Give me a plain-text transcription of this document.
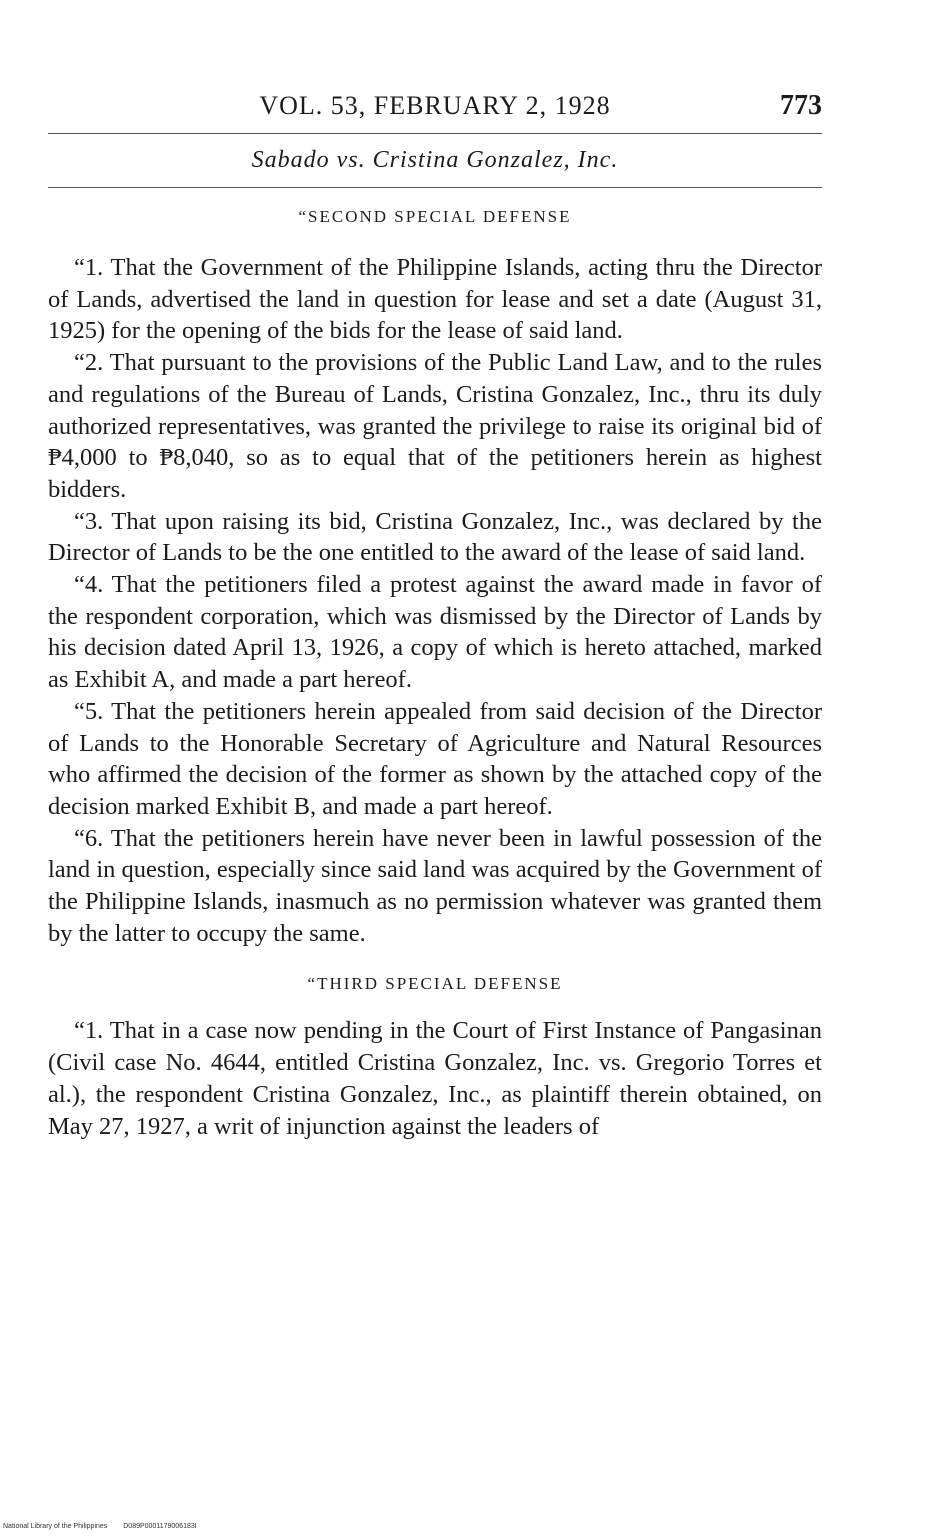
VOL. 53, FEBRUARY 2, 1928	773
Sabado vs. Cristina Gonzalez, Inc.
“SECOND SPECIAL DEFENSE

“1. That the Government of the Philippine Islands, acting thru the Director of Lands, advertised the land in question for lease and set a date (August 31, 1925) for the opening of the bids for the lease of said land.

“2. That pursuant to the provisions of the Public Land Law, and to the rules and regulations of the Bureau of Lands, Cristina Gonzalez, Inc., thru its duly authorized representatives, was granted the privilege to raise its original bid of ₱4,000 to ₱8,040, so as to equal that of the petitioners herein as highest bidders.

“3. That upon raising its bid, Cristina Gonzalez, Inc., was declared by the Director of Lands to be the one entitled to the award of the lease of said land.

“4. That the petitioners filed a protest against the award made in favor of the respondent corporation, which was dismissed by the Director of Lands by his decision dated April 13, 1926, a copy of which is hereto attached, marked as Exhibit A, and made a part hereof.

“5. That the petitioners herein appealed from said decision of the Director of Lands to the Honorable Secretary of Agriculture and Natural Resources who affirmed the decision of the former as shown by the attached copy of the decision marked Exhibit B, and made a part hereof.

“6. That the petitioners herein have never been in lawful possession of the land in question, especially since said land was acquired by the Government of the Philippine Islands, inasmuch as no permission whatever was granted them by the latter to occupy the same.

“THIRD SPECIAL DEFENSE

“1. That in a case now pending in the Court of First Instance of Pangasinan (Civil case No. 4644, entitled Cristina Gonzalez, Inc. vs. Gregorio Torres et al.), the respondent Cristina Gonzalez, Inc., as plaintiff therein obtained, on May 27, 1927, a writ of injunction against the leaders of

National Library of the Philippines D089P0001179006183I
